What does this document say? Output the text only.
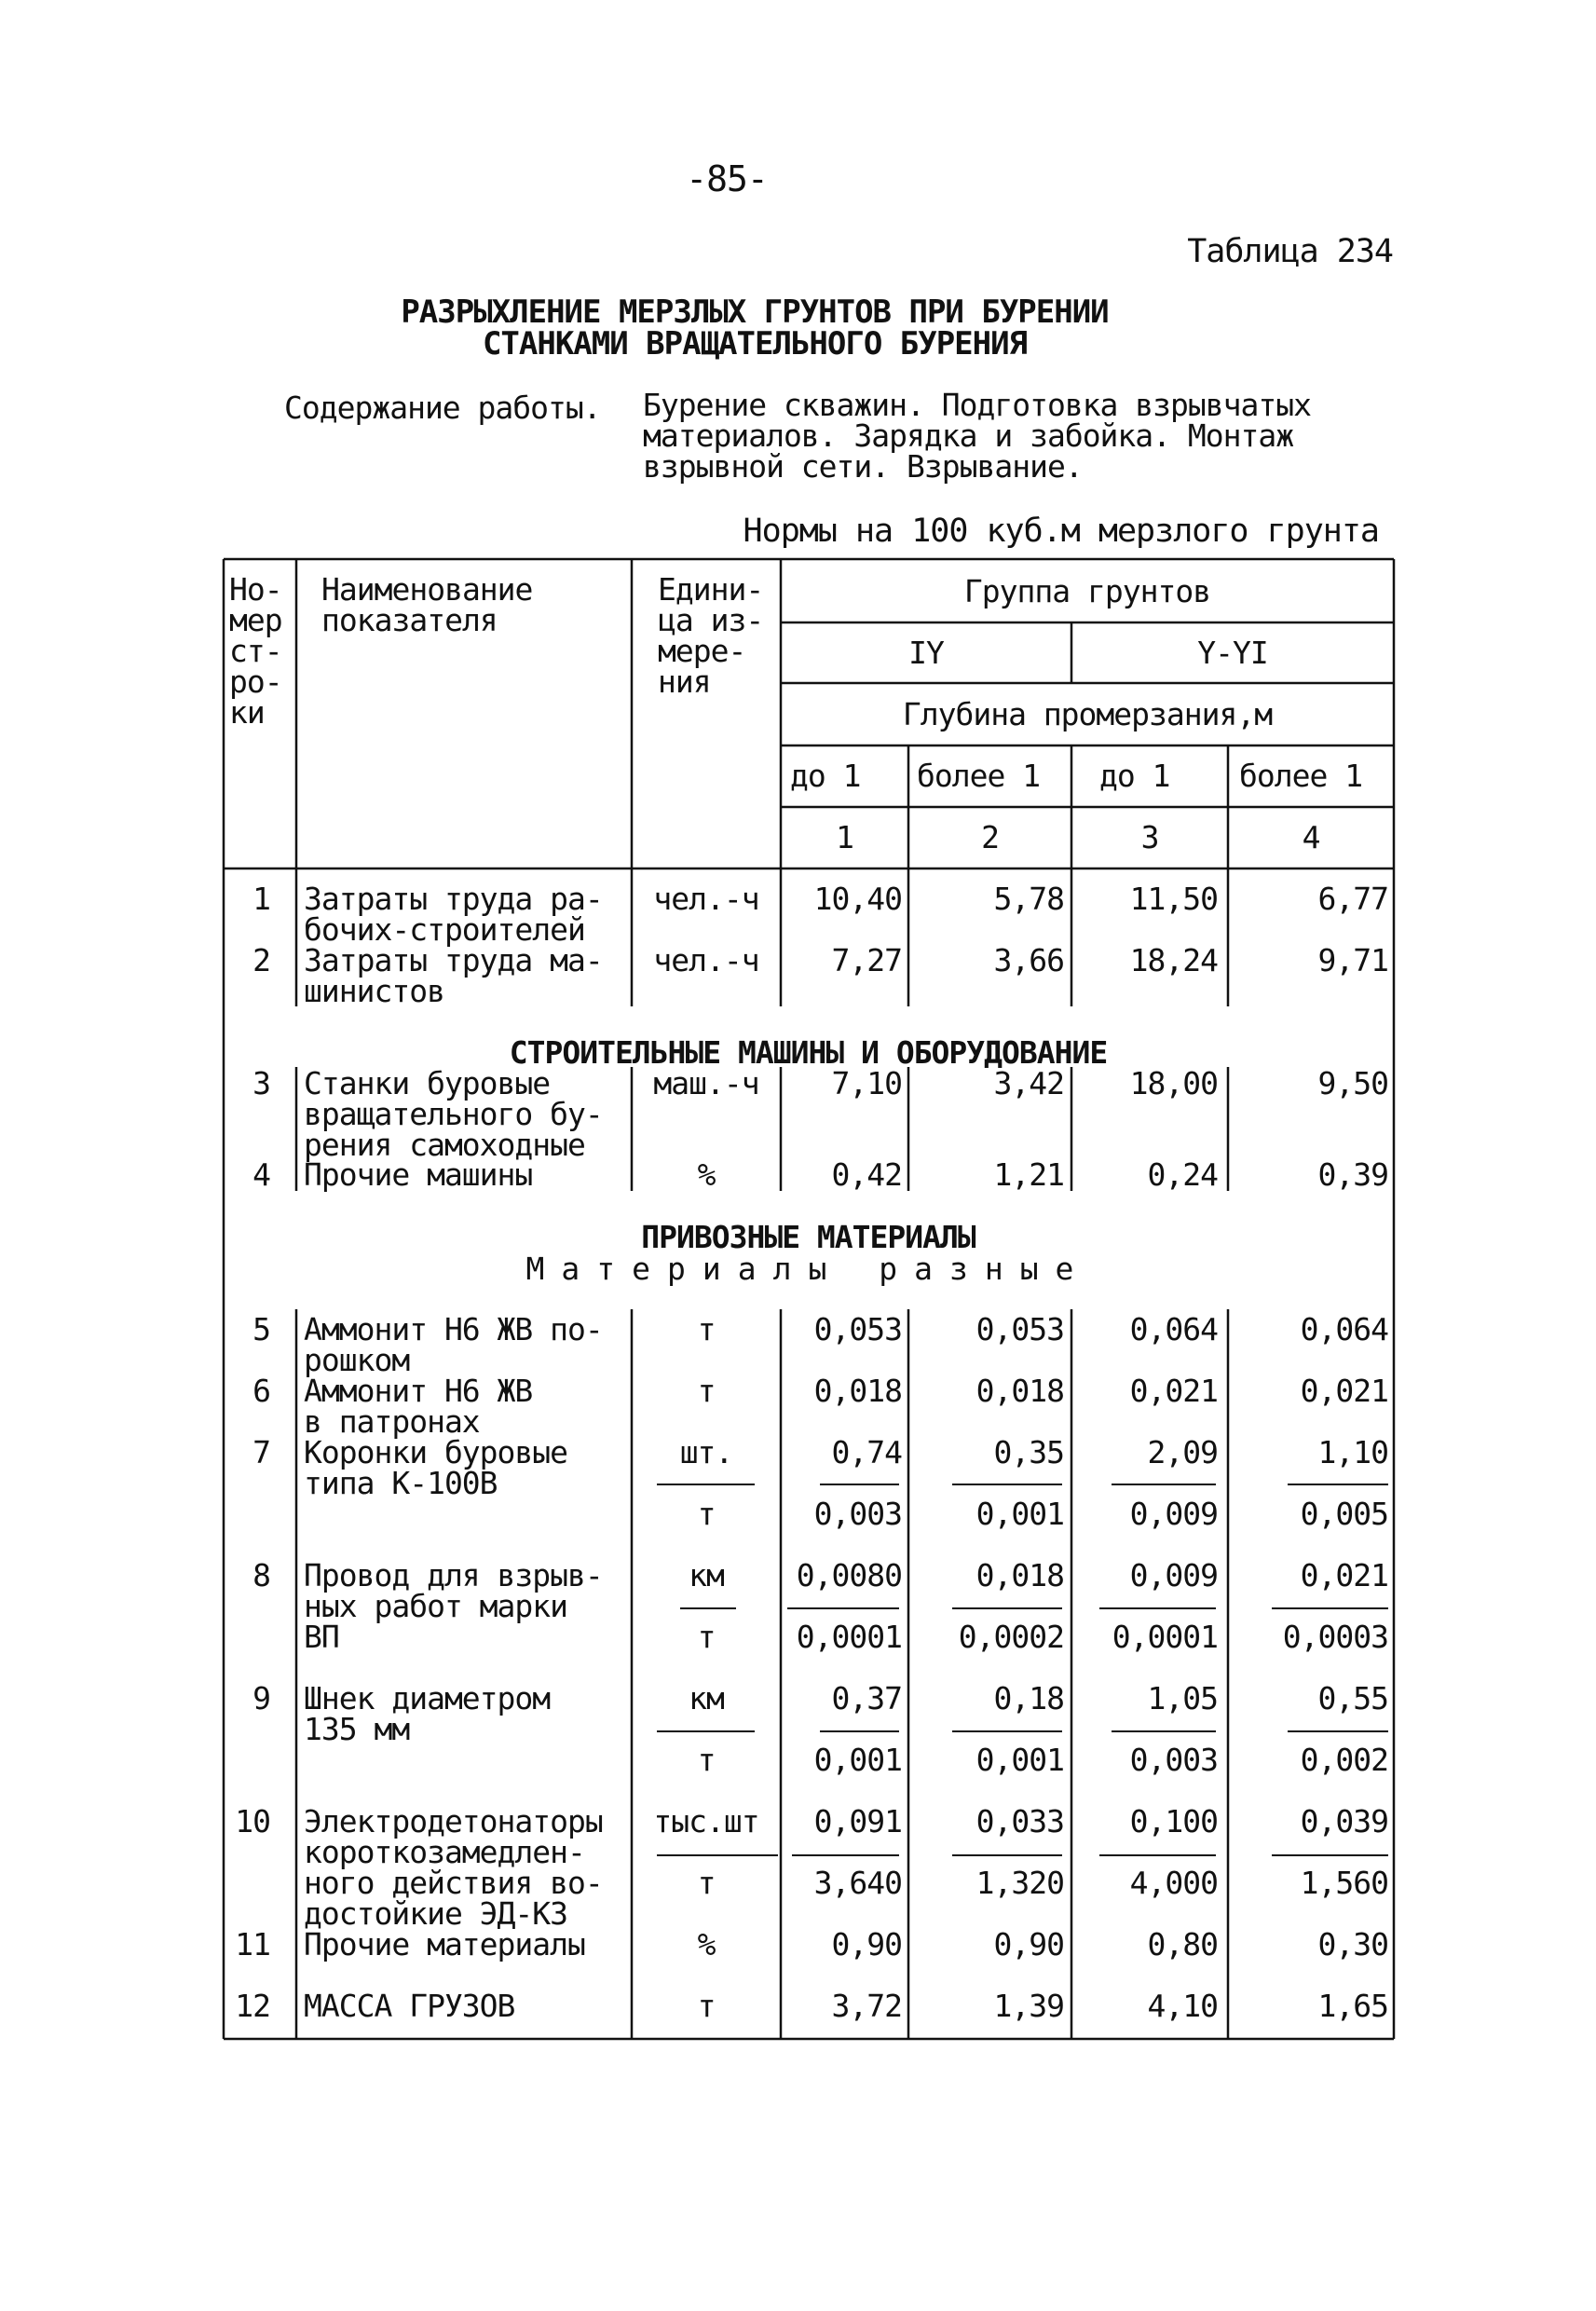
-85-
Таблица 234
РАЗРЫХЛЕНИЕ МЕРЗЛЫХ ГРУНТОВ ПРИ БУРЕНИИ
СТАНКАМИ ВРАЩАТЕЛЬНОГО БУРЕНИЯ
Содержание работы. Бурение скважин. Подготовка взрывчатых
материалов. Зарядка и забойка. Монтаж
взрывной сети. Взрывание.
Нормы на 100 куб.м мерзлого грунта
Но-
мер
ст-
ро-
ки
Наименование
показателя
Едини-
ца из-
мере-
ния
Группа грунтов
IY	Y-YI
Глубина промерзания,м
до 1 более 1 до 1 более 1
1	2	3	4
СТРОИТЕЛЬНЫЕ МАШИНЫ И ОБОРУДОВАНИЕ
ПРИВОЗНЫЕ МАТЕРИАЛЫ
Материалы разные
1 Затраты труда ра-
бочих-строителей
чел.-ч	10,40	5,78	11,50	6,77
2 Затраты труда ма-
шинистов
чел.-ч	7,27	3,66	18,24	9,71
3 Станки буровые
вращательного бу-
рения самоходные
маш.-ч	7,10	3,42	18,00	9,50
4 Прочие машины	%	0,42	1,21	0,24	0,39
5 Аммонит Н6 ЖВ по-
рошком
т	0,053	0,053	0,064	0,064
6 Аммонит Н6 ЖВ
в патронах
т	0,018	0,018	0,021	0,021
7 Коронки буровые
типа К-100В
шт.	0,74	0,35	2,09	1,10
т	0,003	0,001	0,009	0,005
8 Провод для взрыв-
ных работ марки
ВП
км	0,0080	0,018	0,009	0,021
т	0,0001	0,0002	0,0001	0,0003
9 Шнек диаметром
135 мм
км	0,37	0,18	1,05	0,55
т	0,001	0,001	0,003	0,002
10 Электродетонаторы
короткозамедлен-
ного действия во-
достойкие ЭД-КЗ
тыс.шт	0,091	0,033	0,100	0,039
т	3,640	1,320	4,000	1,560
11 Прочие материалы	%	0,90	0,90	0,80	0,30
12 МАССА ГРУЗОВ	т	3,72	1,39	4,10	1,65
